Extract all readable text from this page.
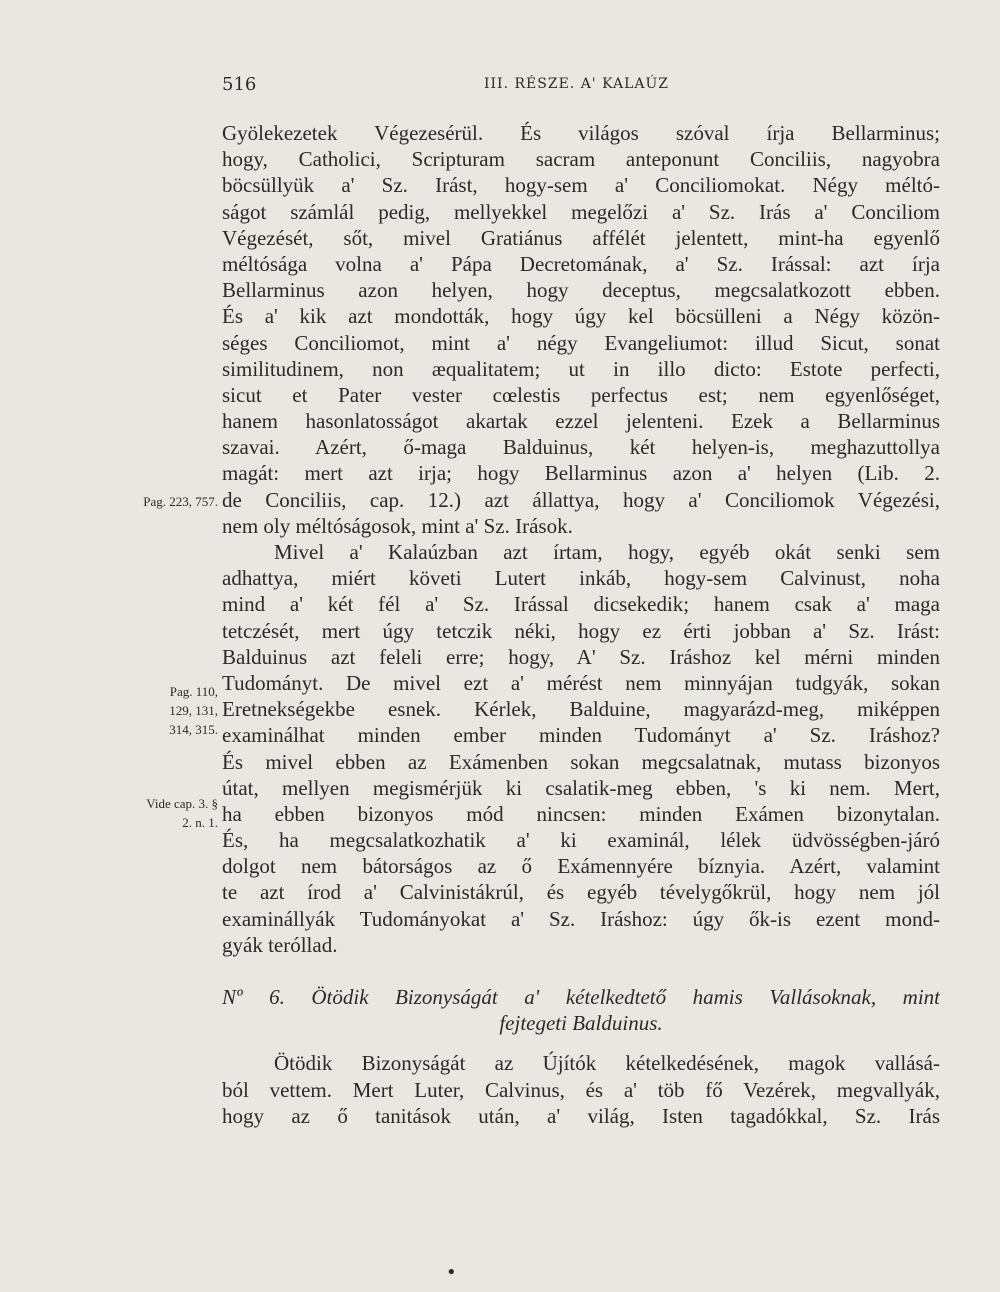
516	III. RÉSZE. A' KALAÚZ
Pag. 223, 757.
Pag. 110,
129, 131,
314, 315.
Vide cap. 3. §
2. n. 1.
Gyölekezetek Végezesérül. És világos szóval írja Bellarminus;
hogy, Catholici, Scripturam sacram anteponunt Conciliis, nagyobra
böcsüllyük a' Sz. Irást, hogy-sem a' Conciliomokat. Négy méltó-
ságot számlál pedig, mellyekkel megelőzi a' Sz. Irás a' Conciliom
Végezését, sőt, mivel Gratiánus affélét jelentett, mint-ha egyenlő
méltósága volna a' Pápa Decretomának, a' Sz. Irással: azt írja
Bellarminus azon helyen, hogy deceptus, megcsalatkozott ebben.
És a' kik azt mondották, hogy úgy kel böcsülleni a Négy közön-
séges Conciliomot, mint a' négy Evangeliumot: illud Sicut, sonat
similitudinem, non æqualitatem; ut in illo dicto: Estote perfecti,
sicut et Pater vester cœlestis perfectus est; nem egyenlőséget,
hanem hasonlatosságot akartak ezzel jelenteni. Ezek a Bellarminus
szavai. Azért, ő-maga Balduinus, két helyen-is, meghazuttollya
magát: mert azt irja; hogy Bellarminus azon a' helyen (Lib. 2.
de Conciliis, cap. 12.) azt állattya, hogy a' Conciliomok Végezési,
nem oly méltóságosok, mint a' Sz. Irások.
Mivel a' Kalaúzban azt írtam, hogy, egyéb okát senki sem
adhattya, miért követi Lutert inkáb, hogy-sem Calvinust, noha
mind a' két fél a' Sz. Irással dicsekedik; hanem csak a' maga
tetczését, mert úgy tetczik néki, hogy ez érti jobban a' Sz. Irást:
Balduinus azt feleli erre; hogy, A' Sz. Iráshoz kel mérni minden
Tudományt. De mivel ezt a' mérést nem minnyájan tudgyák, sokan
Eretnekségekbe esnek. Kérlek, Balduine, magyarázd-meg, miképpen
examinálhat minden ember minden Tudományt a' Sz. Iráshoz?
És mivel ebben az Exámenben sokan megcsalatnak, mutass bizonyos
útat, mellyen megismérjük ki csalatik-meg ebben, 's ki nem. Mert,
ha ebben bizonyos mód nincsen: minden Exámen bizonytalan.
És, ha megcsalatkozhatik a' ki examinál, lélek üdvösségben-járó
dolgot nem bátorságos az ő Exámennyére bíznyia. Azért, valamint
te azt írod a' Calvinistákrúl, és egyéb tévelygőkrül, hogy nem jól
examinállyák Tudományokat a' Sz. Iráshoz: úgy ők-is ezent mond-
gyák teróllad.
Nº 6. Ötödik Bizonyságát a' kételkedtető hamis Vallásoknak, mint
fejtegeti Balduinus.
Ötödik Bizonyságát az Újítók kételkedésének, magok vallásá-
ból vettem. Mert Luter, Calvinus, és a' töb fő Vezérek, megvallyák,
hogy az ő tanitások után, a' világ, Isten tagadókkal, Sz. Irás
•
